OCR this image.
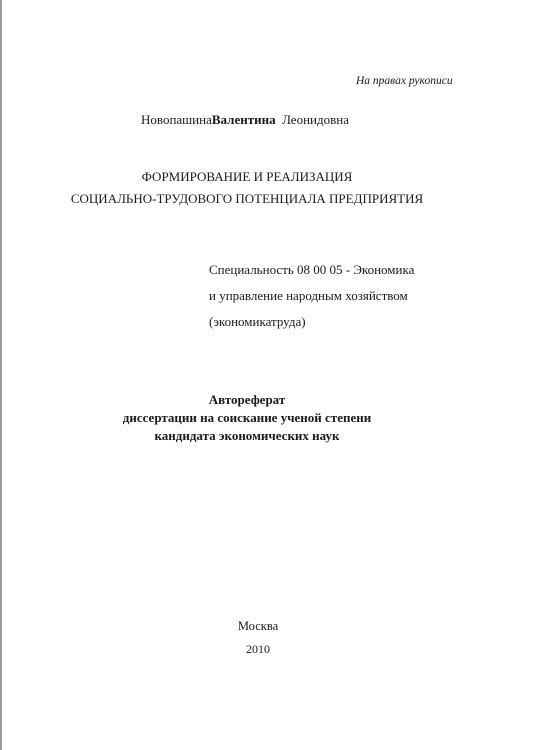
На правах рукописи
НовопашинаВалентина Леонидовна
ФОРМИРОВАНИЕ И РЕАЛИЗАЦИЯ
СОЦИАЛЬНО-ТРУДОВОГО ПОТЕНЦИАЛА ПРЕДПРИЯТИЯ
Специальность 08 00 05 - Экономика
и управление народным хозяйством
(экономикатруда)
Автореферат
диссертации на соискание ученой степени
кандидата экономических наук
Москва
2010
